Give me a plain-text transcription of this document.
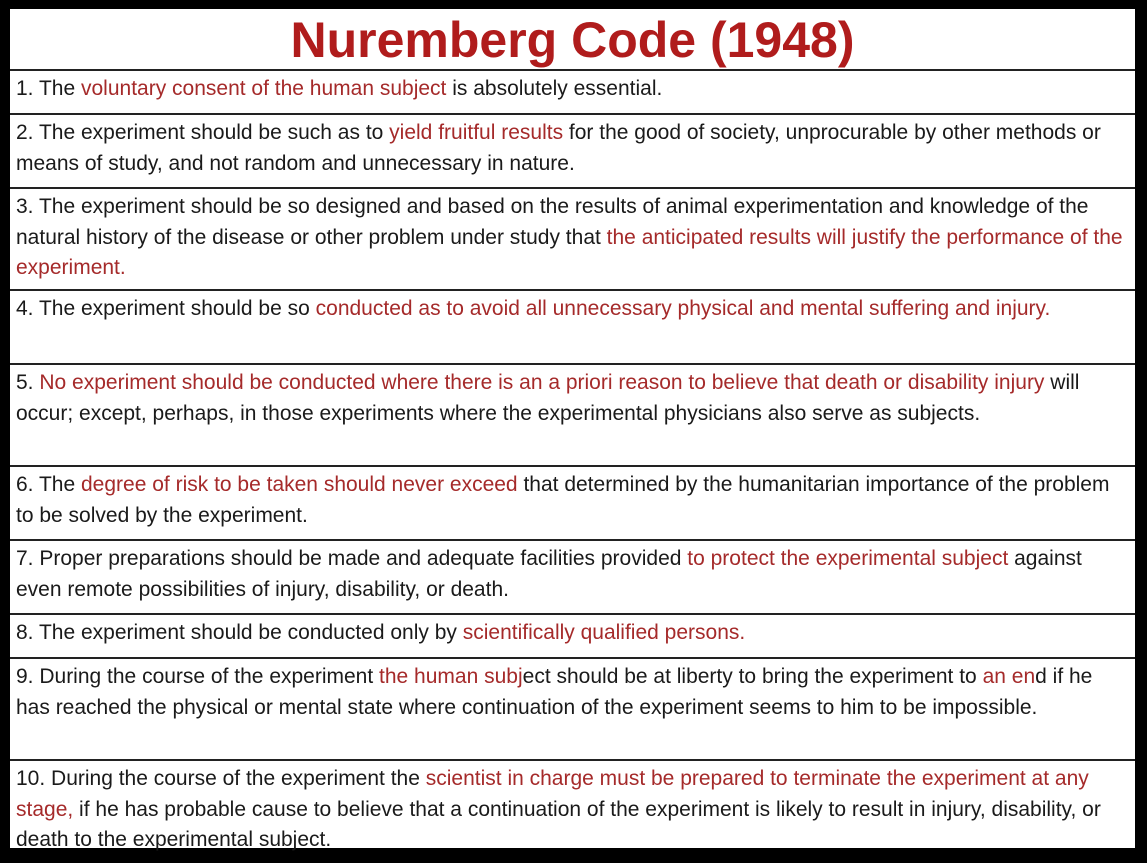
Nuremberg Code (1948)
1. The voluntary consent of the human subject is absolutely essential.
2. The experiment should be such as to yield fruitful results for the good of society, unprocurable by other methods or means of study, and not random and unnecessary in nature.
3. The experiment should be so designed and based on the results of animal experimentation and knowledge of the natural history of the disease or other problem under study that the anticipated results will justify the performance of the experiment.
4. The experiment should be so conducted as to avoid all unnecessary physical and mental suffering and injury.
5. No experiment should be conducted where there is an a priori reason to believe that death or disability injury will occur; except, perhaps, in those experiments where the experimental physicians also serve as subjects.
6. The degree of risk to be taken should never exceed that determined by the humanitarian importance of the problem to be solved by the experiment.
7. Proper preparations should be made and adequate facilities provided to protect the experimental subject against even remote possibilities of injury, disability, or death.
8. The experiment should be conducted only by scientifically qualified persons.
9. During the course of the experiment the human subject should be at liberty to bring the experiment to an end if he has reached the physical or mental state where continuation of the experiment seems to him to be impossible.
10. During the course of the experiment the scientist in charge must be prepared to terminate the experiment at any stage, if he has probable cause to believe that a continuation of the experiment is likely to result in injury, disability, or death to the experimental subject.
